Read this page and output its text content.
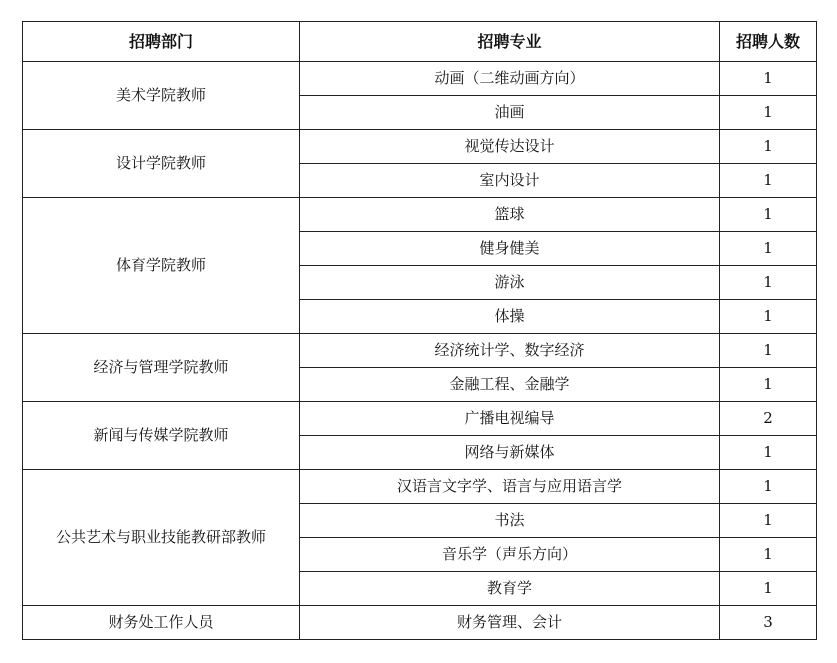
招聘部门	招聘专业	招聘人数
美术学院教师	动画（二维动画方向）	1
	油画	1
设计学院教师	视觉传达设计	1
	室内设计	1
体育学院教师	篮球	1
	健身健美	1
	游泳	1
	体操	1
经济与管理学院教师	经济统计学、数字经济	1
	金融工程、金融学	1
新闻与传媒学院教师	广播电视编导	2
	网络与新媒体	1
公共艺术与职业技能教研部教师	汉语言文字学、语言与应用语言学	1
	书法	1
	音乐学（声乐方向）	1
	教育学	1
财务处工作人员	财务管理、会计	3
